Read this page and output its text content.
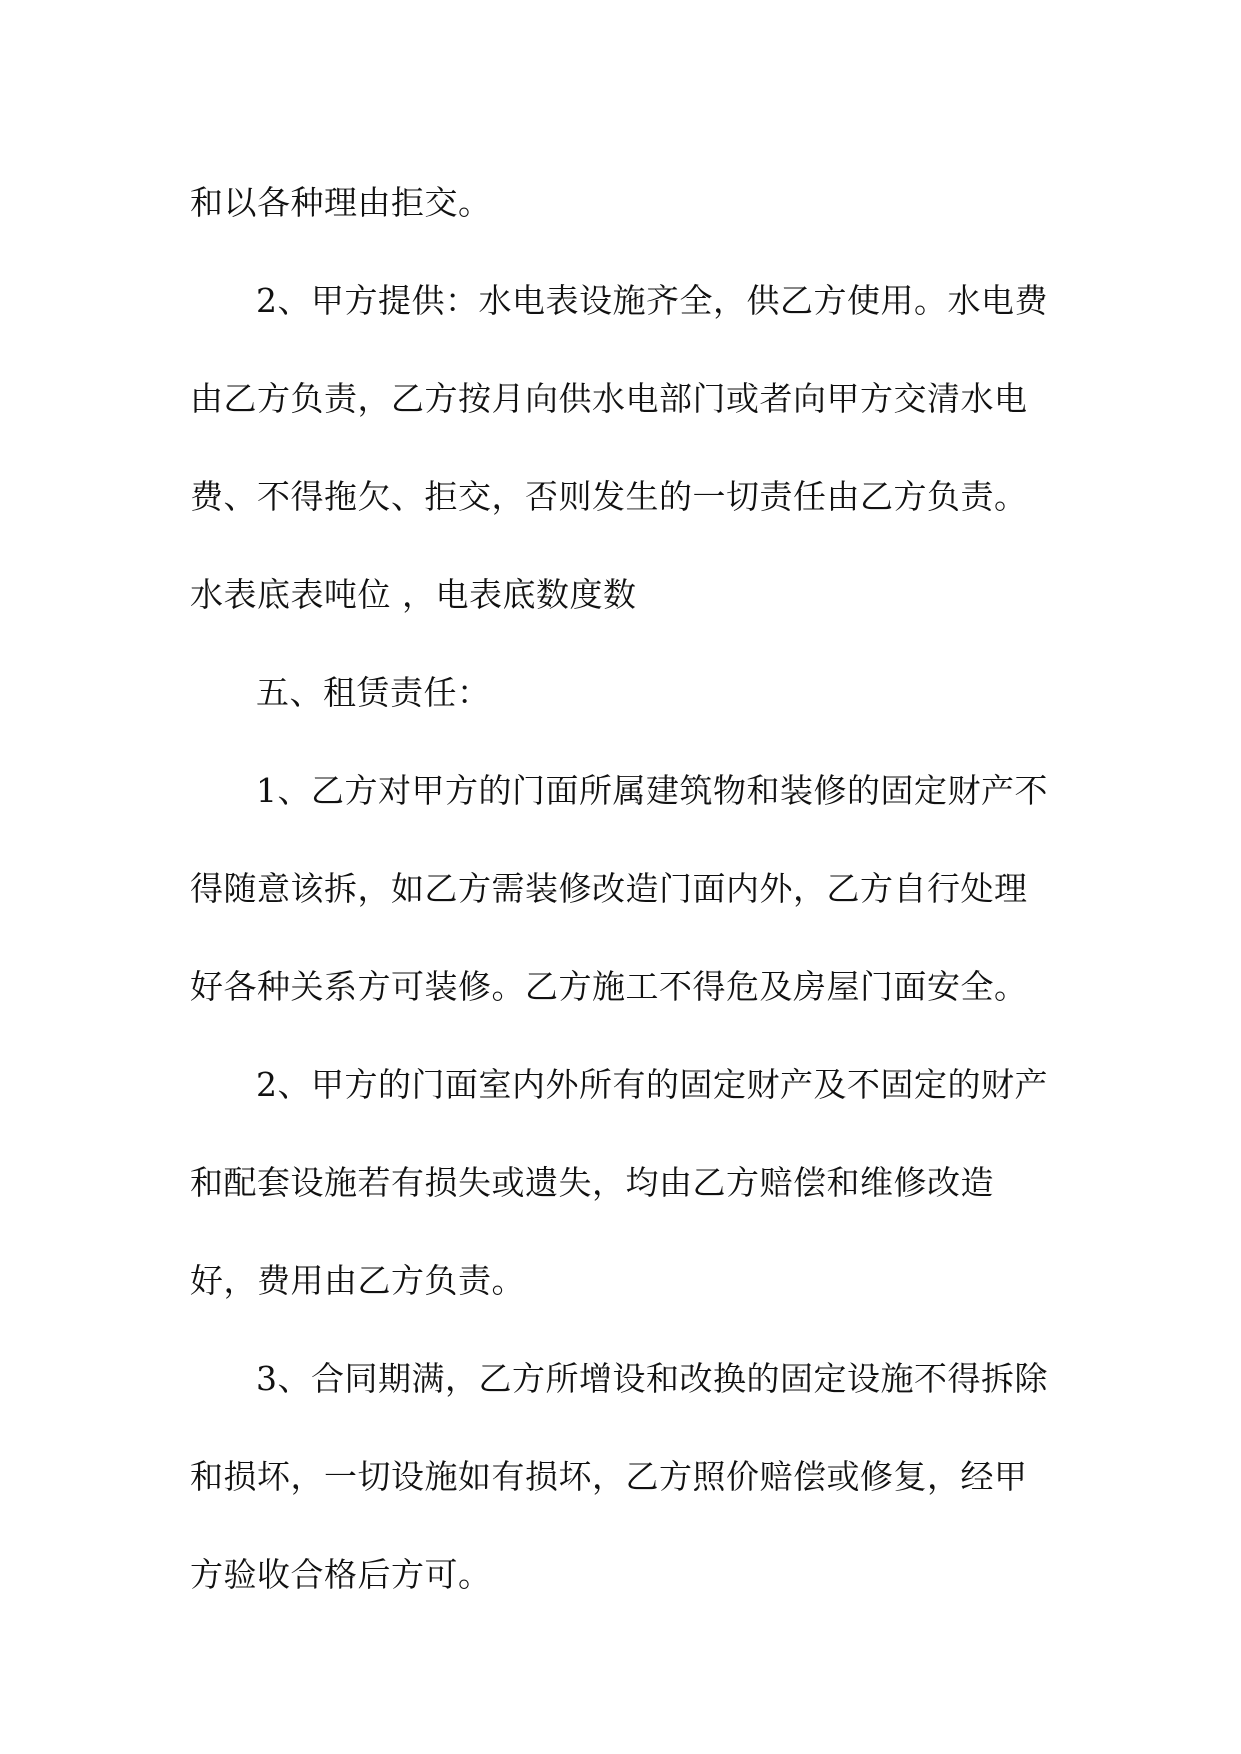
和以各种理由拒交。
2、甲方提供：水电表设施齐全，供乙方使用。水电费
由乙方负责，乙方按月向供水电部门或者向甲方交清水电
费、不得拖欠、拒交，否则发生的一切责任由乙方负责。
水表底表吨位 ，电表底数度数
五、租赁责任：
1、乙方对甲方的门面所属建筑物和装修的固定财产不
得随意该拆，如乙方需装修改造门面内外，乙方自行处理
好各种关系方可装修。乙方施工不得危及房屋门面安全。
2、甲方的门面室内外所有的固定财产及不固定的财产
和配套设施若有损失或遗失，均由乙方赔偿和维修改造
好，费用由乙方负责。
3、合同期满，乙方所增设和改换的固定设施不得拆除
和损坏，一切设施如有损坏，乙方照价赔偿或修复，经甲
方验收合格后方可。
